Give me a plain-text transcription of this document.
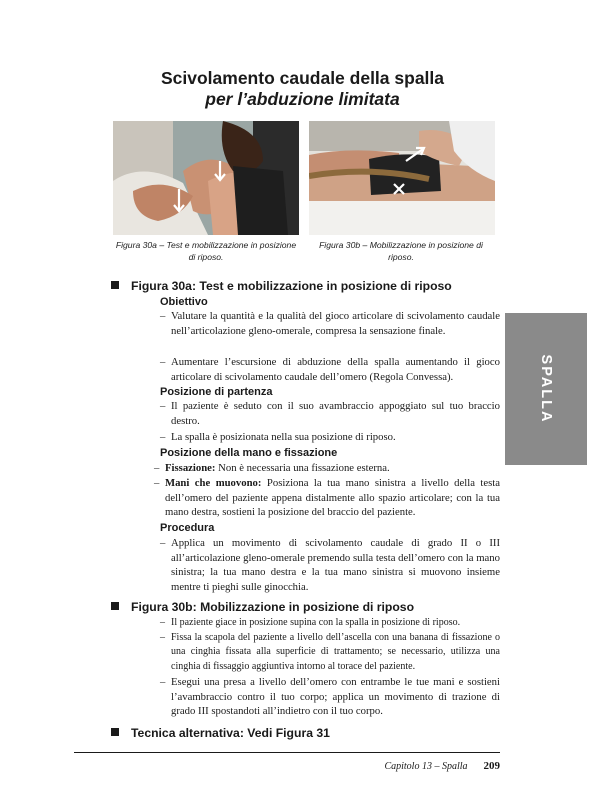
Scivolamento caudale della spalla
per l’abduzione limitata
Figura 30a – Test e mobilizzazione in posizione
di riposo.
Figura 30b – Mobilizzazione in posizione di
riposo.
Figura 30a: Test e mobilizzazione in posizione di riposo
Obiettivo
– Valutare la quantità e la qualità del gioco articolare di scivolamento caudale nell’articolazione gleno-omerale, compresa la sensazione finale.
– Aumentare l’escursione di abduzione della spalla aumentando il gioco articolare di scivolamento caudale dell’omero (Regola Convessa).
Posizione di partenza
– Il paziente è seduto con il suo avambraccio appoggiato sul tuo braccio destro.
– La spalla è posizionata nella sua posizione di riposo.
Posizione della mano e fissazione
– Fissazione: Non è necessaria una fissazione esterna.
– Mani che muovono: Posiziona la tua mano sinistra a livello della testa dell’omero del paziente appena distalmente allo spazio articolare; con la tua mano destra, sostieni la posizione del braccio del paziente.
Procedura
– Applica un movimento di scivolamento caudale di grado II o III all’articolazione gleno-omerale premendo sulla testa dell’omero con la mano sinistra; la tua mano destra e la tua mano sinistra si muovono insieme mentre ti pieghi sulle ginocchia.
Figura 30b: Mobilizzazione in posizione di riposo
– Il paziente giace in posizione supina con la spalla in posizione di riposo.
– Fissa la scapola del paziente a livello dell’ascella con una banana di fissazione o una cinghia fissata alla superficie di trattamento; se necessario, utilizza una cinghia di fissaggio aggiuntiva intorno al torace del paziente.
– Esegui una presa a livello dell’omero con entrambe le tue mani e sostieni l’avambraccio contro il tuo corpo; applica un movimento di trazione di grado III spostandoti all’indietro con il tuo corpo.
Tecnica alternativa: Vedi Figura 31
SPALLA
Capitolo 13 – Spalla 209
